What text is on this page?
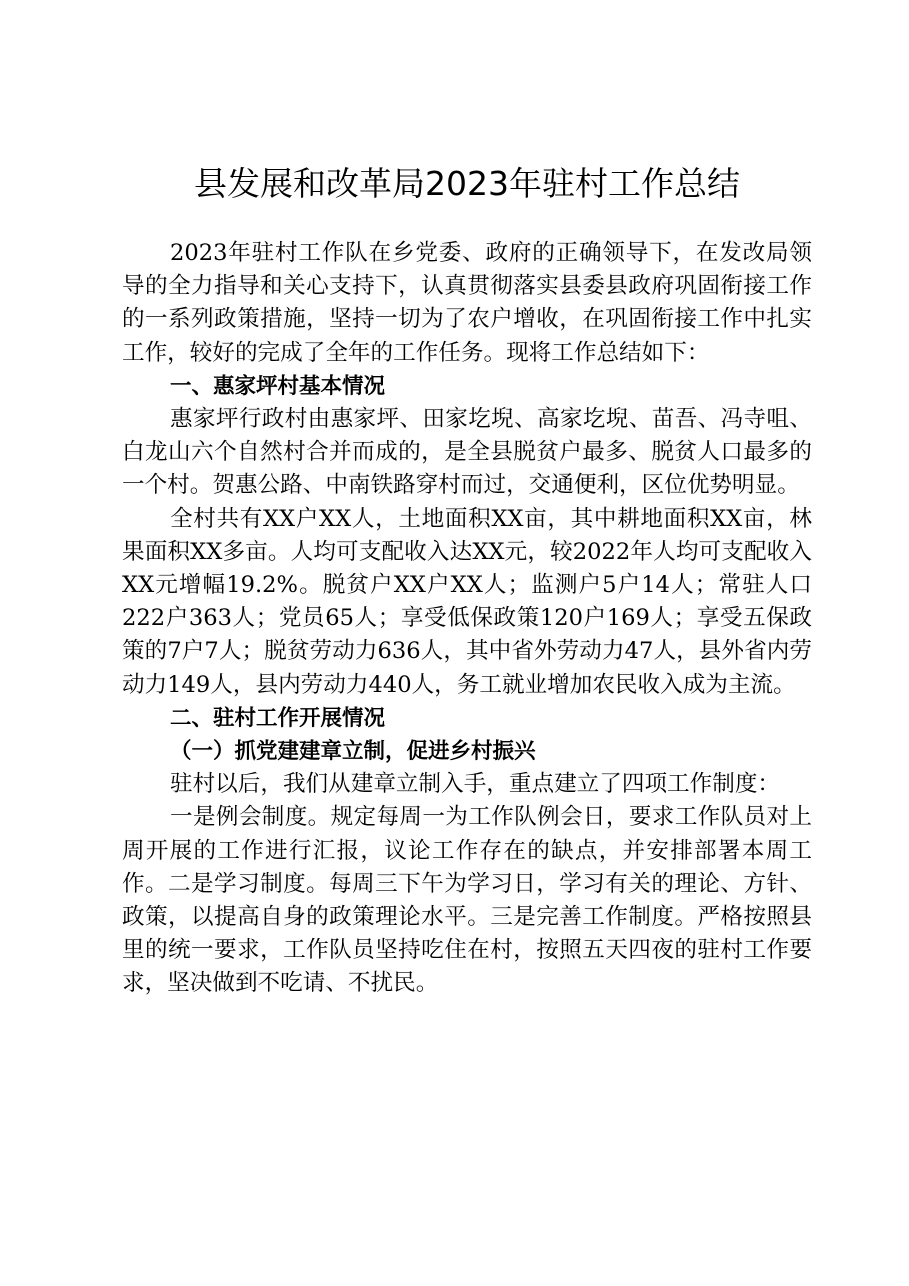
县发展和改革局2023年驻村工作总结

2023年驻村工作队在乡党委、政府的正确领导下，在发改局领导的全力指导和关心支持下，认真贯彻落实县委县政府巩固衔接工作的一系列政策措施，坚持一切为了农户增收，在巩固衔接工作中扎实工作，较好的完成了全年的工作任务。现将工作总结如下：

一、惠家坪村基本情况

惠家坪行政村由惠家坪、田家圪堄、高家圪堄、苗吾、冯寺咀、白龙山六个自然村合并而成的，是全县脱贫户最多、脱贫人口最多的一个村。贺惠公路、中南铁路穿村而过，交通便利，区位优势明显。

全村共有XX户XX人，土地面积XX亩，其中耕地面积XX亩，林果面积XX多亩。人均可支配收入达XX元，较2022年人均可支配收入XX元增幅19.2%。脱贫户XX户XX人；监测户5户14人；常驻人口222户363人；党员65人；享受低保政策120户169人；享受五保政策的7户7人；脱贫劳动力636人，其中省外劳动力47人，县外省内劳动力149人，县内劳动力440人，务工就业增加农民收入成为主流。

二、驻村工作开展情况

（一）抓党建建章立制，促进乡村振兴

驻村以后，我们从建章立制入手，重点建立了四项工作制度：

一是例会制度。规定每周一为工作队例会日，要求工作队员对上周开展的工作进行汇报，议论工作存在的缺点，并安排部署本周工作。二是学习制度。每周三下午为学习日，学习有关的理论、方针、政策，以提高自身的政策理论水平。三是完善工作制度。严格按照县里的统一要求，工作队员坚持吃住在村，按照五天四夜的驻村工作要求，坚决做到不吃请、不扰民。
